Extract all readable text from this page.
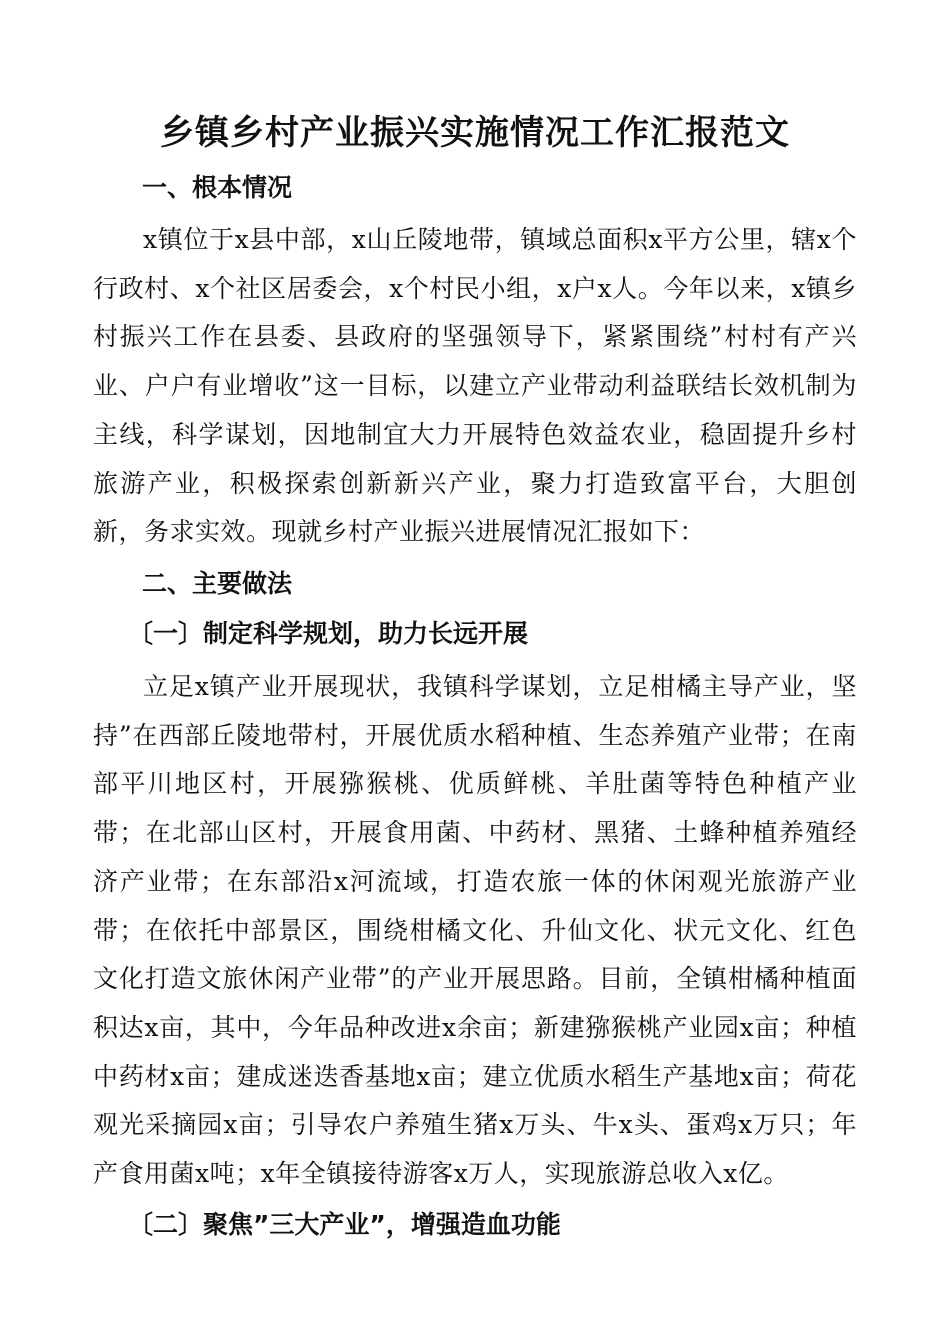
乡镇乡村产业振兴实施情况工作汇报范文

一、根本情况

x镇位于x县中部，x山丘陵地带，镇域总面积x平方公里，辖x个行政村、x个社区居委会，x个村民小组，x户x人。今年以来，x镇乡村振兴工作在县委、县政府的坚强领导下，紧紧围绕”村村有产兴业、户户有业增收”这一目标，以建立产业带动利益联结长效机制为主线，科学谋划，因地制宜大力开展特色效益农业，稳固提升乡村旅游产业，积极探索创新新兴产业，聚力打造致富平台，大胆创新，务求实效。现就乡村产业振兴进展情况汇报如下：

二、主要做法

〔一〕制定科学规划，助力长远开展

立足x镇产业开展现状，我镇科学谋划，立足柑橘主导产业，坚持”在西部丘陵地带村，开展优质水稻种植、生态养殖产业带；在南部平川地区村，开展猕猴桃、优质鲜桃、羊肚菌等特色种植产业带；在北部山区村，开展食用菌、中药材、黑猪、土蜂种植养殖经济产业带；在东部沿x河流域，打造农旅一体的休闲观光旅游产业带；在依托中部景区，围绕柑橘文化、升仙文化、状元文化、红色文化打造文旅休闲产业带”的产业开展思路。目前，全镇柑橘种植面积达x亩，其中，今年品种改进x余亩；新建猕猴桃产业园x亩；种植中药材x亩；建成迷迭香基地x亩；建立优质水稻生产基地x亩；荷花观光采摘园x亩；引导农户养殖生猪x万头、牛x头、蛋鸡x万只；年产食用菌x吨；x年全镇接待游客x万人，实现旅游总收入x亿。

〔二〕聚焦”三大产业”，增强造血功能
